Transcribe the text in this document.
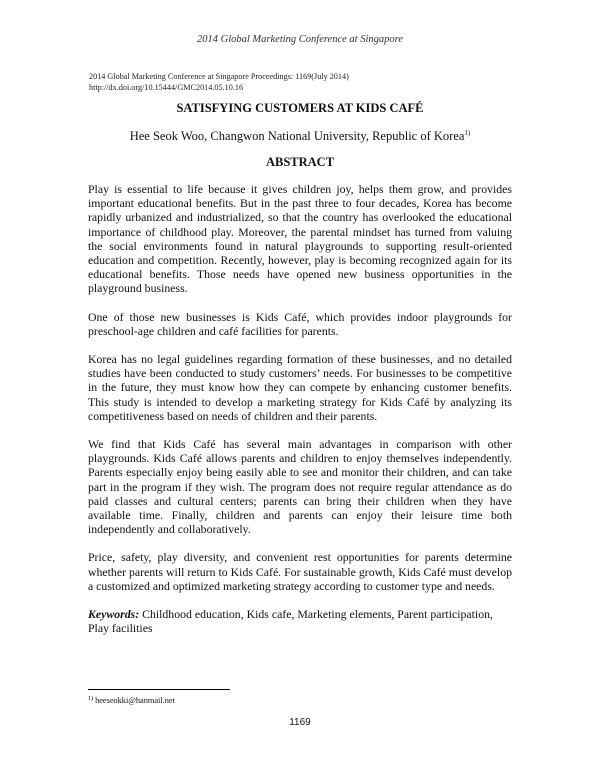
2014 Global Marketing Conference at Singapore
2014 Global Marketing Conference at Singapore Proceedings: 1169(July 2014)
http://dx.doi.org/10.15444/GMC2014.05.10.16
SATISFYING CUSTOMERS AT KIDS CAFÉ
Hee Seok Woo, Changwon National University, Republic of Korea$^{1)}$
ABSTRACT

Play is essential to life because it gives children joy, helps them grow, and provides important educational benefits. But in the past three to four decades, Korea has become rapidly urbanized and industrialized, so that the country has overlooked the educational importance of childhood play. Moreover, the parental mindset has turned from valuing the social environments found in natural playgrounds to supporting result-oriented education and competition. Recently, however, play is becoming recognized again for its educational benefits. Those needs have opened new business opportunities in the playground business.

One of those new businesses is Kids Café, which provides indoor playgrounds for preschool-age children and café facilities for parents.

Korea has no legal guidelines regarding formation of these businesses, and no detailed studies have been conducted to study customers’ needs. For businesses to be competitive in the future, they must know how they can compete by enhancing customer benefits. This study is intended to develop a marketing strategy for Kids Café by analyzing its competitiveness based on needs of children and their parents.

We find that Kids Café has several main advantages in comparison with other playgrounds. Kids Café allows parents and children to enjoy themselves independently. Parents especially enjoy being easily able to see and monitor their children, and can take part in the program if they wish. The program does not require regular attendance as do paid classes and cultural centers; parents can bring their children when they have available time. Finally, children and parents can enjoy their leisure time both independently and collaboratively.

Price, safety, play diversity, and convenient rest opportunities for parents determine whether parents will return to Kids Café. For sustainable growth, Kids Café must develop a customized and optimized marketing strategy according to customer type and needs.

Keywords: Childhood education, Kids cafe, Marketing elements, Parent participation, Play facilities

$^{1)}$ heeseokki@hanmail.net
1169
